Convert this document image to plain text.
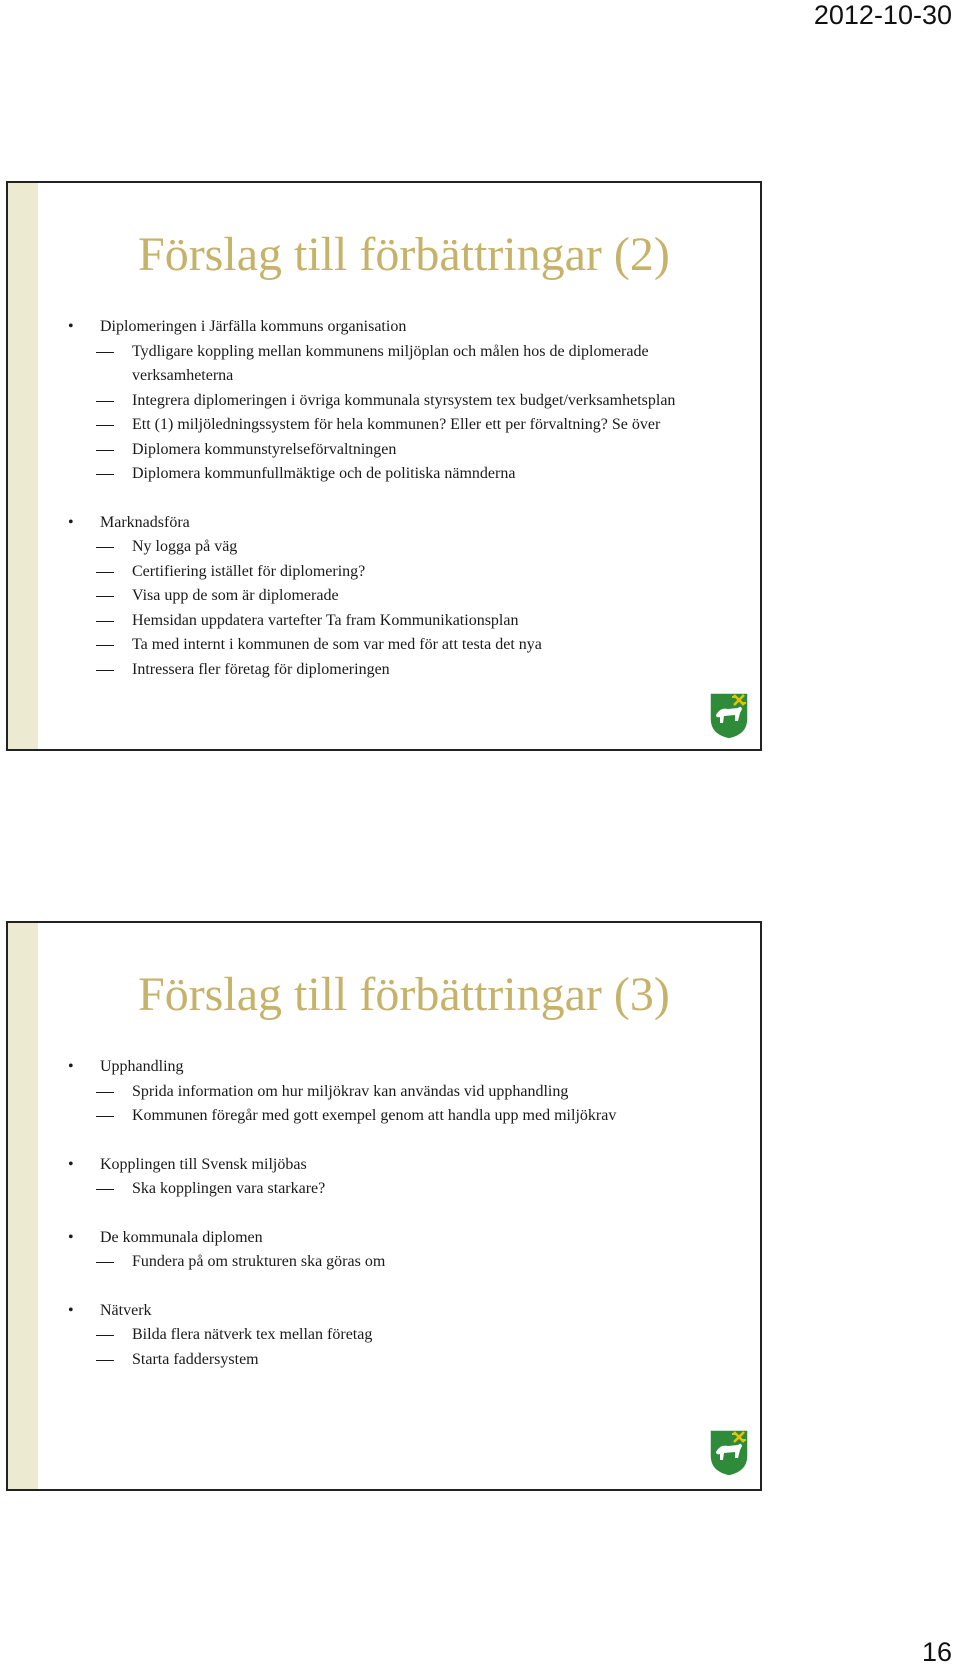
2012-10-30
Förslag till förbättringar (2)
• Diplomeringen i Järfälla kommuns organisation
Tydligare koppling mellan kommunens miljöplan och målen hos de diplomerade verksamheterna
Integrera diplomeringen i övriga kommunala styrsystem tex budget/verksamhetsplan
Ett (1) miljöledningssystem för hela kommunen? Eller ett per förvaltning? Se över
Diplomera kommunstyrelseförvaltningen
Diplomera kommunfullmäktige och de politiska nämnderna
• Marknadsföra
Ny logga på väg
Certifiering istället för diplomering?
Visa upp de som är diplomerade
Hemsidan uppdatera vartefter Ta fram Kommunikationsplan
Ta med internt i kommunen de som var med för att testa det nya
Intressera fler företag för diplomeringen
Förslag till förbättringar (3)
• Upphandling
Sprida information om hur miljökrav kan användas vid upphandling
Kommunen föregår med gott exempel genom att handla upp med miljökrav
• Kopplingen till Svensk miljöbas
Ska kopplingen vara starkare?
• De kommunala diplomen
Fundera på om strukturen ska göras om
• Nätverk
Bilda flera nätverk tex mellan företag
Starta faddersystem
16
